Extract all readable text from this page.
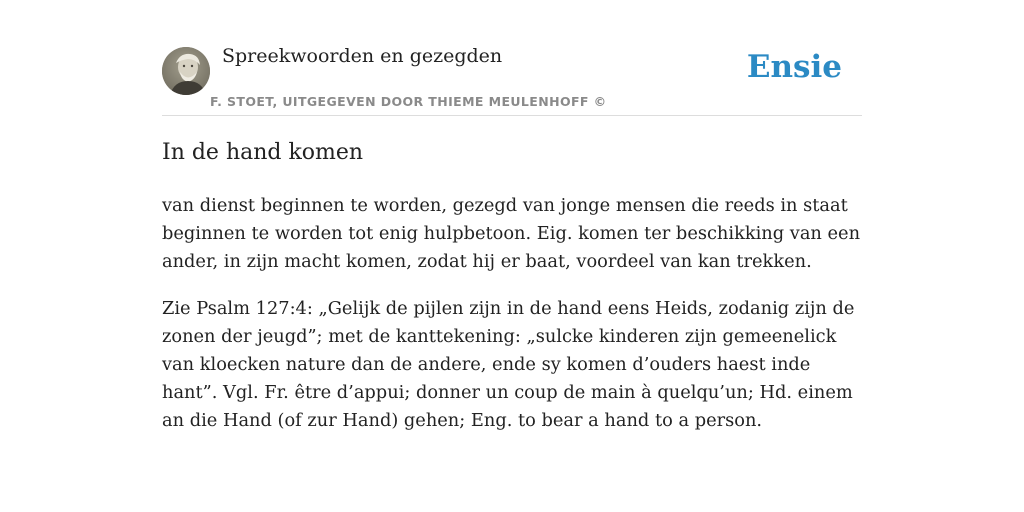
Spreekwoorden en gezegden
F. STOET, UITGEGEVEN DOOR THIEME MEULENHOFF ©
Ensie
In de hand komen

van dienst beginnen te worden, gezegd van jonge mensen die reeds in staat beginnen te worden tot enig hulpbetoon. Eig. komen ter beschikking van een ander, in zijn macht komen, zodat hij er baat, voordeel van kan trekken.

Zie Psalm 127:4: „Gelijk de pijlen zijn in de hand eens Heids, zodanig zijn de zonen der jeugd”; met de kanttekening: „sulcke kinderen zijn gemeenelick van kloecken nature dan de andere, ende sy komen d’ouders haest inde hant”. Vgl. Fr. être d’appui; donner un coup de main à quelqu’un; Hd. einem an die Hand (of zur Hand) gehen; Eng. to bear a hand to a person.
